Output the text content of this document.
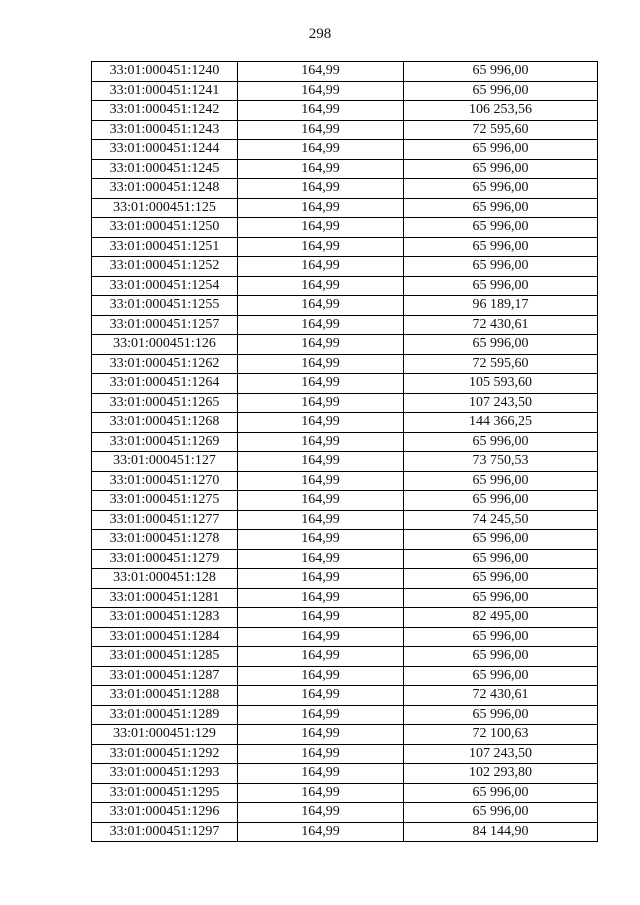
298
33:01:000451:1240	164,99	65 996,00
33:01:000451:1241	164,99	65 996,00
33:01:000451:1242	164,99	106 253,56
33:01:000451:1243	164,99	72 595,60
33:01:000451:1244	164,99	65 996,00
33:01:000451:1245	164,99	65 996,00
33:01:000451:1248	164,99	65 996,00
33:01:000451:125	164,99	65 996,00
33:01:000451:1250	164,99	65 996,00
33:01:000451:1251	164,99	65 996,00
33:01:000451:1252	164,99	65 996,00
33:01:000451:1254	164,99	65 996,00
33:01:000451:1255	164,99	96 189,17
33:01:000451:1257	164,99	72 430,61
33:01:000451:126	164,99	65 996,00
33:01:000451:1262	164,99	72 595,60
33:01:000451:1264	164,99	105 593,60
33:01:000451:1265	164,99	107 243,50
33:01:000451:1268	164,99	144 366,25
33:01:000451:1269	164,99	65 996,00
33:01:000451:127	164,99	73 750,53
33:01:000451:1270	164,99	65 996,00
33:01:000451:1275	164,99	65 996,00
33:01:000451:1277	164,99	74 245,50
33:01:000451:1278	164,99	65 996,00
33:01:000451:1279	164,99	65 996,00
33:01:000451:128	164,99	65 996,00
33:01:000451:1281	164,99	65 996,00
33:01:000451:1283	164,99	82 495,00
33:01:000451:1284	164,99	65 996,00
33:01:000451:1285	164,99	65 996,00
33:01:000451:1287	164,99	65 996,00
33:01:000451:1288	164,99	72 430,61
33:01:000451:1289	164,99	65 996,00
33:01:000451:129	164,99	72 100,63
33:01:000451:1292	164,99	107 243,50
33:01:000451:1293	164,99	102 293,80
33:01:000451:1295	164,99	65 996,00
33:01:000451:1296	164,99	65 996,00
33:01:000451:1297	164,99	84 144,90
